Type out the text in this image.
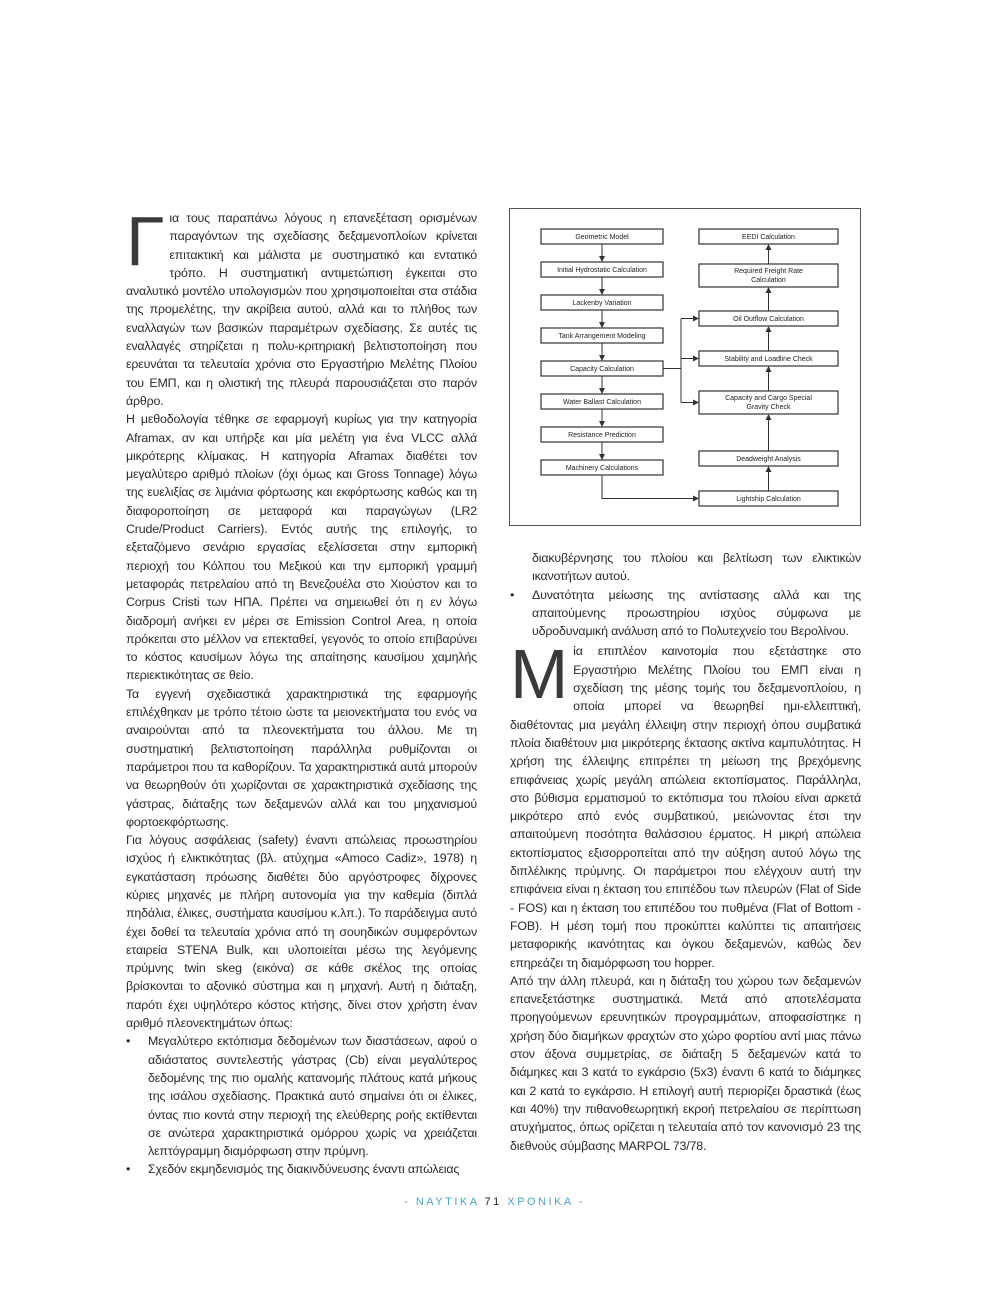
Για τους παραπάνω λόγους η επανεξέταση ορισμένων παραγόντων της σχεδίασης δεξαμενοπλοίων κρίνεται επιτακτική και μάλιστα με συστηματικό και εντατικό τρόπο. Η συστηματική αντιμετώπιση έγκειται στο αναλυτικό μοντέλο υπολογισμών που χρησιμοποιείται στα στάδια της προμελέτης, την ακρίβεια αυτού, αλλά και το πλήθος των εναλλαγών των βασικών παραμέτρων σχεδίασης. Σε αυτές τις εναλλαγές στηρίζεται η πολυ-κριτηριακή βελτιστοποίηση που ερευνάται τα τελευταία χρόνια στο Εργαστήριο Μελέτης Πλοίου του ΕΜΠ, και η ολιστική της πλευρά παρουσιάζεται στο παρόν άρθρο.

Η μεθοδολογία τέθηκε σε εφαρμογή κυρίως για την κατηγορία Aframax, αν και υπήρξε και μία μελέτη για ένα VLCC αλλά μικρότερης κλίμακας. Η κατηγορία Aframax διαθέτει τον μεγαλύτερο αριθμό πλοίων (όχι όμως και Gross Tonnage) λόγω της ευελιξίας σε λιμάνια φόρτωσης και εκφόρτωσης καθώς και τη διαφοροποίηση σε μεταφορά και παραγώγων (LR2 Crude/Product Carriers). Εντός αυτής της επιλογής, το εξεταζόμενο σενάριο εργασίας εξελίσσεται στην εμπορική περιοχή του Κόλπου του Μεξικού και την εμπορική γραμμή μεταφοράς πετρελαίου από τη Βενεζουέλα στο Χιούστον και το Corpus Cristi των ΗΠΑ. Πρέπει να σημειωθεί ότι η εν λόγω διαδρομή ανήκει εν μέρει σε Emission Control Area, η οποία πρόκειται στο μέλλον να επεκταθεί, γεγονός το οποίο επιβαρύνει το κόστος καυσίμων λόγω της απαίτησης καυσίμου χαμηλής περιεκτικότητας σε θείο.

Τα εγγενή σχεδιαστικά χαρακτηριστικά της εφαρμογής επιλέχθηκαν με τρόπο τέτοιο ώστε τα μειονεκτήματα του ενός να αναιρούνται από τα πλεονεκτήματα του άλλου. Με τη συστηματική βελτιστοποίηση παράλληλα ρυθμίζονται οι παράμετροι που τα καθορίζουν. Τα χαρακτηριστικά αυτά μπορούν να θεωρηθούν ότι χωρίζονται σε χαρακτηριστικά σχεδίασης της γάστρας, διάταξης των δεξαμενών αλλά και του μηχανισμού φορτοεκφόρτωσης.

Για λόγους ασφάλειας (safety) έναντι απώλειας προωστηρίου ισχύος ή ελικτικότητας (βλ. ατύχημα «Amoco Cadiz», 1978) η εγκατάσταση πρόωσης διαθέτει δύο αργόστροφες δίχρονες κύριες μηχανές με πλήρη αυτονομία για την καθεμία (διπλά πηδάλια, έλικες, συστήματα καυσίμου κ.λπ.). Το παράδειγμα αυτό έχει δοθεί τα τελευταία χρόνια από τη σουηδικών συμφερόντων εταιρεία STENA Bulk, και υλοποιείται μέσω της λεγόμενης πρύμνης twin skeg (εικόνα) σε κάθε σκέλος της οποίας βρίσκονται το αξονικό σύστημα και η μηχανή. Αυτή η διάταξη, παρότι έχει υψηλότερο κόστος κτήσης, δίνει στον χρήστη έναν αριθμό πλεονεκτημάτων όπως:

• Μεγαλύτερο εκτόπισμα δεδομένων των διαστάσεων, αφού ο αδιάστατος συντελεστής γάστρας (Cb) είναι μεγαλύτερος δεδομένης της πιο ομαλής κατανομής πλάτους κατά μήκους της ισάλου σχεδίασης. Πρακτικά αυτό σημαίνει ότι οι έλικες, όντας πιο κοντά στην περιοχή της ελεύθερης ροής εκτίθενται σε ανώτερα χαρακτηριστικά ομόρρου χωρίς να χρειάζεται λεπτόγραμμη διαμόρφωση στην πρύμνη.
• Σχεδόν εκμηδενισμός της διακινδύνευσης έναντι απώλειας
Geometric Model
Initial Hydrostatic Calculation
Lackenby Variation
Tank Arrangement Modeling
Capacity Calculation
Water Ballast Calculation
Resistance Prediction
Machinery Calculations
EEDI Calculation
Required Freight Rate
Calculation
Oil Outflow Calculation
Stability and Loadline Check
Capacity and Cargo Special
Gravity Check
Deadweight Analysis
Lightship Calculation
διακυβέρνησης του πλοίου και βελτίωση των ελικτικών ικανοτήτων αυτού.
• Δυνατότητα μείωσης της αντίστασης αλλά και της απαιτούμενης προωστηρίου ισχύος σύμφωνα με υδροδυναμική ανάλυση από το Πολυτεχνείο του Βερολίνου.

Μία επιπλέον καινοτομία που εξετάστηκε στο Εργαστήριο Μελέτης Πλοίου του ΕΜΠ είναι η σχεδίαση της μέσης τομής του δεξαμενοπλοίου, η οποία μπορεί να θεωρηθεί ημι-ελλειπτική, διαθέτοντας μια μεγάλη έλλειψη στην περιοχή όπου συμβατικά πλοία διαθέτουν μια μικρότερης έκτασης ακτίνα καμπυλότητας. Η χρήση της έλλειψης επιτρέπει τη μείωση της βρεχόμενης επιφάνειας χωρίς μεγάλη απώλεια εκτοπίσματος. Παράλληλα, στο βύθισμα ερματισμού το εκτόπισμα του πλοίου είναι αρκετά μικρότερο από ενός συμβατικού, μειώνοντας έτσι την απαιτούμενη ποσότητα θαλάσσιου έρματος. Η μικρή απώλεια εκτοπίσματος εξισορροπείται από την αύξηση αυτού λόγω της διπλέλικης πρύμνης. Οι παράμετροι που ελέγχουν αυτή την επιφάνεια είναι η έκταση του επιπέδου των πλευρών (Flat of Side - FOS) και η έκταση του επιπέδου του πυθμένα (Flat of Bottom - FOB). Η μέση τομή που προκύπτει καλύπτει τις απαιτήσεις μεταφορικής ικανότητας και όγκου δεξαμενών, καθώς δεν επηρεάζει τη διαμόρφωση του hopper.

Από την άλλη πλευρά, και η διάταξη του χώρου των δεξαμενών επανεξετάστηκε συστηματικά. Μετά από αποτελέσματα προηγούμενων ερευνητικών προγραμμάτων, αποφασίστηκε η χρήση δύο διαμήκων φραχτών στο χώρο φορτίου αντί μιας πάνω στον άξονα συμμετρίας, σε διάταξη 5 δεξαμενών κατά το διάμηκες και 3 κατά το εγκάρσιο (5x3) έναντι 6 κατά το διάμηκες και 2 κατά το εγκάρσιο. Η επιλογή αυτή περιορίζει δραστικά (έως και 40%) την πιθανοθεωρητική εκροή πετρελαίου σε περίπτωση ατυχήματος, όπως ορίζεται η τελευταία από τον κανονισμό 23 της διεθνούς σύμβασης MARPOL 73/78.

- ΝΑΥΤΙΚΑ 71 ΧΡΟΝΙΚΑ -
